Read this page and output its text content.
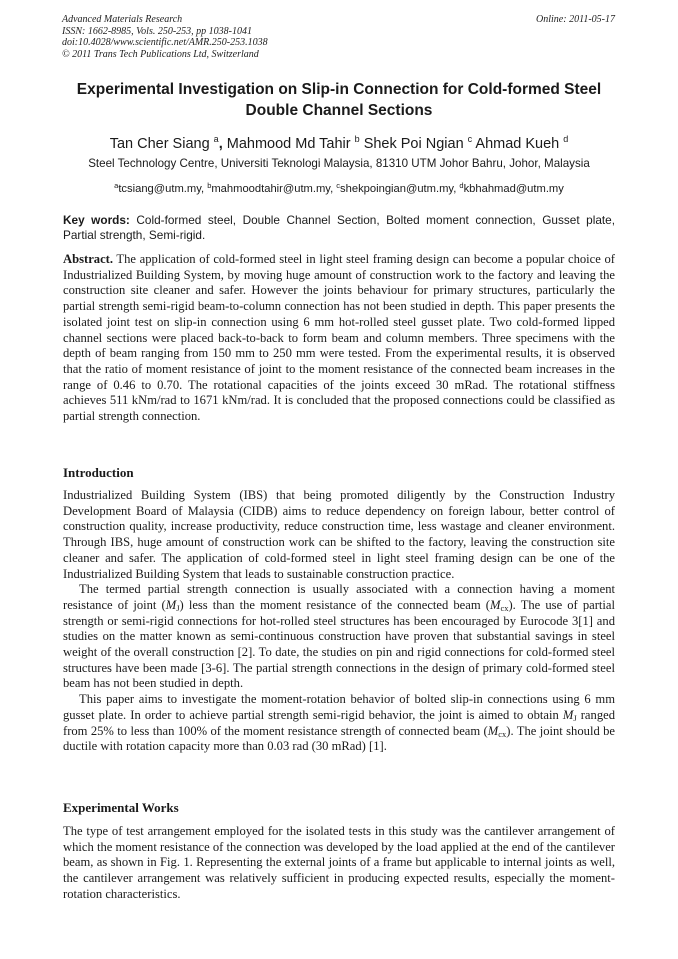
Advanced Materials Research
ISSN: 1662-8985, Vols. 250-253, pp 1038-1041
doi:10.4028/www.scientific.net/AMR.250-253.1038
© 2011 Trans Tech Publications Ltd, Switzerland
Online: 2011-05-17
Experimental Investigation on Slip-in Connection for Cold-formed Steel Double Channel Sections
Tan Cher Siang $^a$, Mahmood Md Tahir $^b$ Shek Poi Ngian $^c$ Ahmad Kueh $^d$
Steel Technology Centre, Universiti Teknologi Malaysia, 81310 UTM Johor Bahru, Johor, Malaysia
$^a$tcsiang@utm.my, $^b$mahmoodtahir@utm.my, $^c$shekpoingian@utm.my, $^d$kbhahmad@utm.my
Key words: Cold-formed steel, Double Channel Section, Bolted moment connection, Gusset plate, Partial strength, Semi-rigid.

Abstract. The application of cold-formed steel in light steel framing design can become a popular choice of Industrialized Building System, by moving huge amount of construction work to the factory and leaving the construction site cleaner and safer. However the joints behaviour for primary structures, particularly the partial strength semi-rigid beam-to-column connection has not been studied in depth. This paper presents the isolated joint test on slip-in connection using 6 mm hot-rolled steel gusset plate. Two cold-formed lipped channel sections were placed back-to-back to form beam and column members. Three specimens with the depth of beam ranging from 150 mm to 250 mm were tested. From the experimental results, it is observed that the ratio of moment resistance of joint to the moment resistance of the connected beam increases in the range of 0.46 to 0.70. The rotational capacities of the joints exceed 30 mRad. The rotational stiffness achieves 511 kNm/rad to 1671 kNm/rad. It is concluded that the proposed connections could be classified as partial strength connection.

Introduction

Industrialized Building System (IBS) that being promoted diligently by the Construction Industry Development Board of Malaysia (CIDB) aims to reduce dependency on foreign labour, better control of construction quality, increase productivity, reduce construction time, less wastage and cleaner environment. Through IBS, huge amount of construction work can be shifted to the factory, leaving the construction site cleaner and safer. The application of cold-formed steel in light steel framing design can be one of the Industrialized Building System that leads to sustainable construction practice.

The termed partial strength connection is usually associated with a connection having a moment resistance of joint $(M_J)$ less than the moment resistance of the connected beam $(M_{cx})$. The use of partial strength or semi-rigid connections for hot-rolled steel structures has been encouraged by Eurocode 3[1] and studies on the matter known as semi-continuous construction have proven that substantial savings in steel weight of the overall construction [2]. To date, the studies on pin and rigid connections for cold-formed steel structures have been made [3-6]. The partial strength connections in the design of primary cold-formed steel beam has not been studied in depth.

This paper aims to investigate the moment-rotation behavior of bolted slip-in connections using 6 mm gusset plate. In order to achieve partial strength semi-rigid behavior, the joint is aimed to obtain $M_J$ ranged from 25% to less than 100% of the moment resistance strength of connected beam $(M_{cx})$. The joint should be ductile with rotation capacity more than 0.03 rad (30 mRad) [1].

Experimental Works

The type of test arrangement employed for the isolated tests in this study was the cantilever arrangement of which the moment resistance of the connection was developed by the load applied at the end of the cantilever beam, as shown in Fig. 1. Representing the external joints of a frame but applicable to internal joints as well, the cantilever arrangement was relatively sufficient in producing expected results, especially the moment-rotation characteristics.
